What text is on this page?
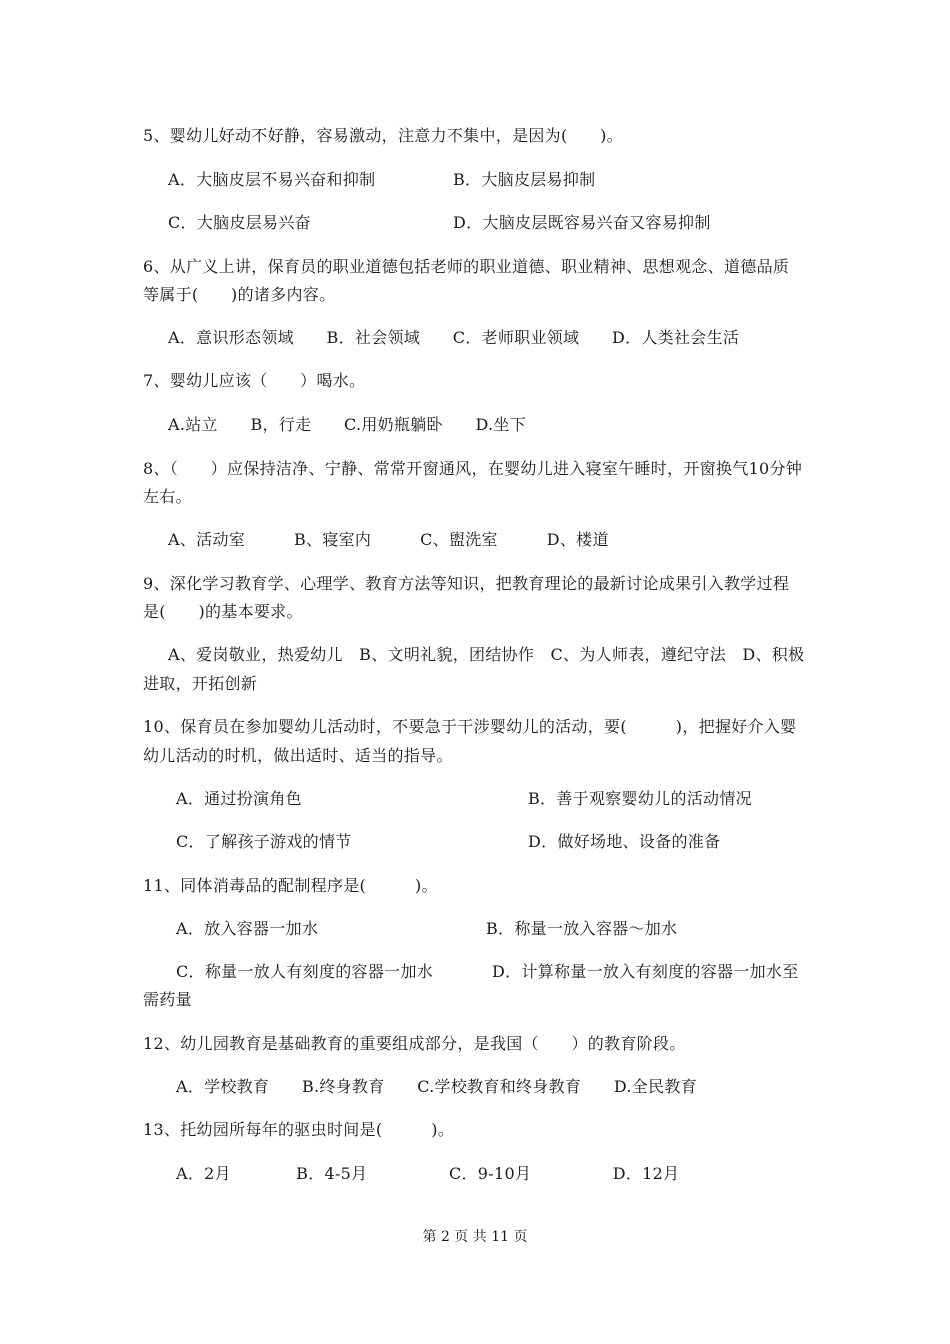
5、婴幼儿好动不好静，容易激动，注意力不集中，是因为(　　)。
A．大脑皮层不易兴奋和抑制	B．大脑皮层易抑制
C．大脑皮层易兴奋	D．大脑皮层既容易兴奋又容易抑制
6、从广义上讲，保育员的职业道德包括老师的职业道德、职业精神、思想观念、道德品质
等属于(　　)的诸多内容。
A．意识形态领域　　B．社会领域　　C．老师职业领域　　D．人类社会生活
7、婴幼儿应该（　　）喝水。
A.站立　　B，行走　　C.用奶瓶躺卧　　D.坐下
8、（　　）应保持洁净、宁静、常常开窗通风，在婴幼儿进入寝室午睡时，开窗换气10分钟
左右。
A、活动室　　　B、寝室内　　　C、盥洗室　　　D、楼道
9、深化学习教育学、心理学、教育方法等知识，把教育理论的最新讨论成果引入教学过程
是(　　)的基本要求。
A、爱岗敬业，热爱幼儿　B、文明礼貌，团结协作　C、为人师表，遵纪守法　D、积极
进取，开拓创新
10、保育员在参加婴幼儿活动时，不要急于干涉婴幼儿的活动，要(　　　)，把握好介入婴
幼儿活动的时机，做出适时、适当的指导。
A．通过扮演角色	B．善于观察婴幼儿的活动情况
C．了解孩子游戏的情节	D．做好场地、设备的准备
11、同体消毒品的配制程序是(　　　)。
A．放入容器一加水	B．称量一放入容器～加水
C．称量一放人有刻度的容器一加水	D．计算称量一放入有刻度的容器一加水至
需药量
12、幼儿园教育是基础教育的重要组成部分，是我国（　　）的教育阶段。
A．学校教育　　B.终身教育　　C.学校教育和终身教育　　D.全民教育
13、托幼园所每年的驱虫时间是(　　　)。
A．2月　　　　B．4-5月　　　　　C．9-10月　　　　　D．12月
第 2 页 共 11 页
